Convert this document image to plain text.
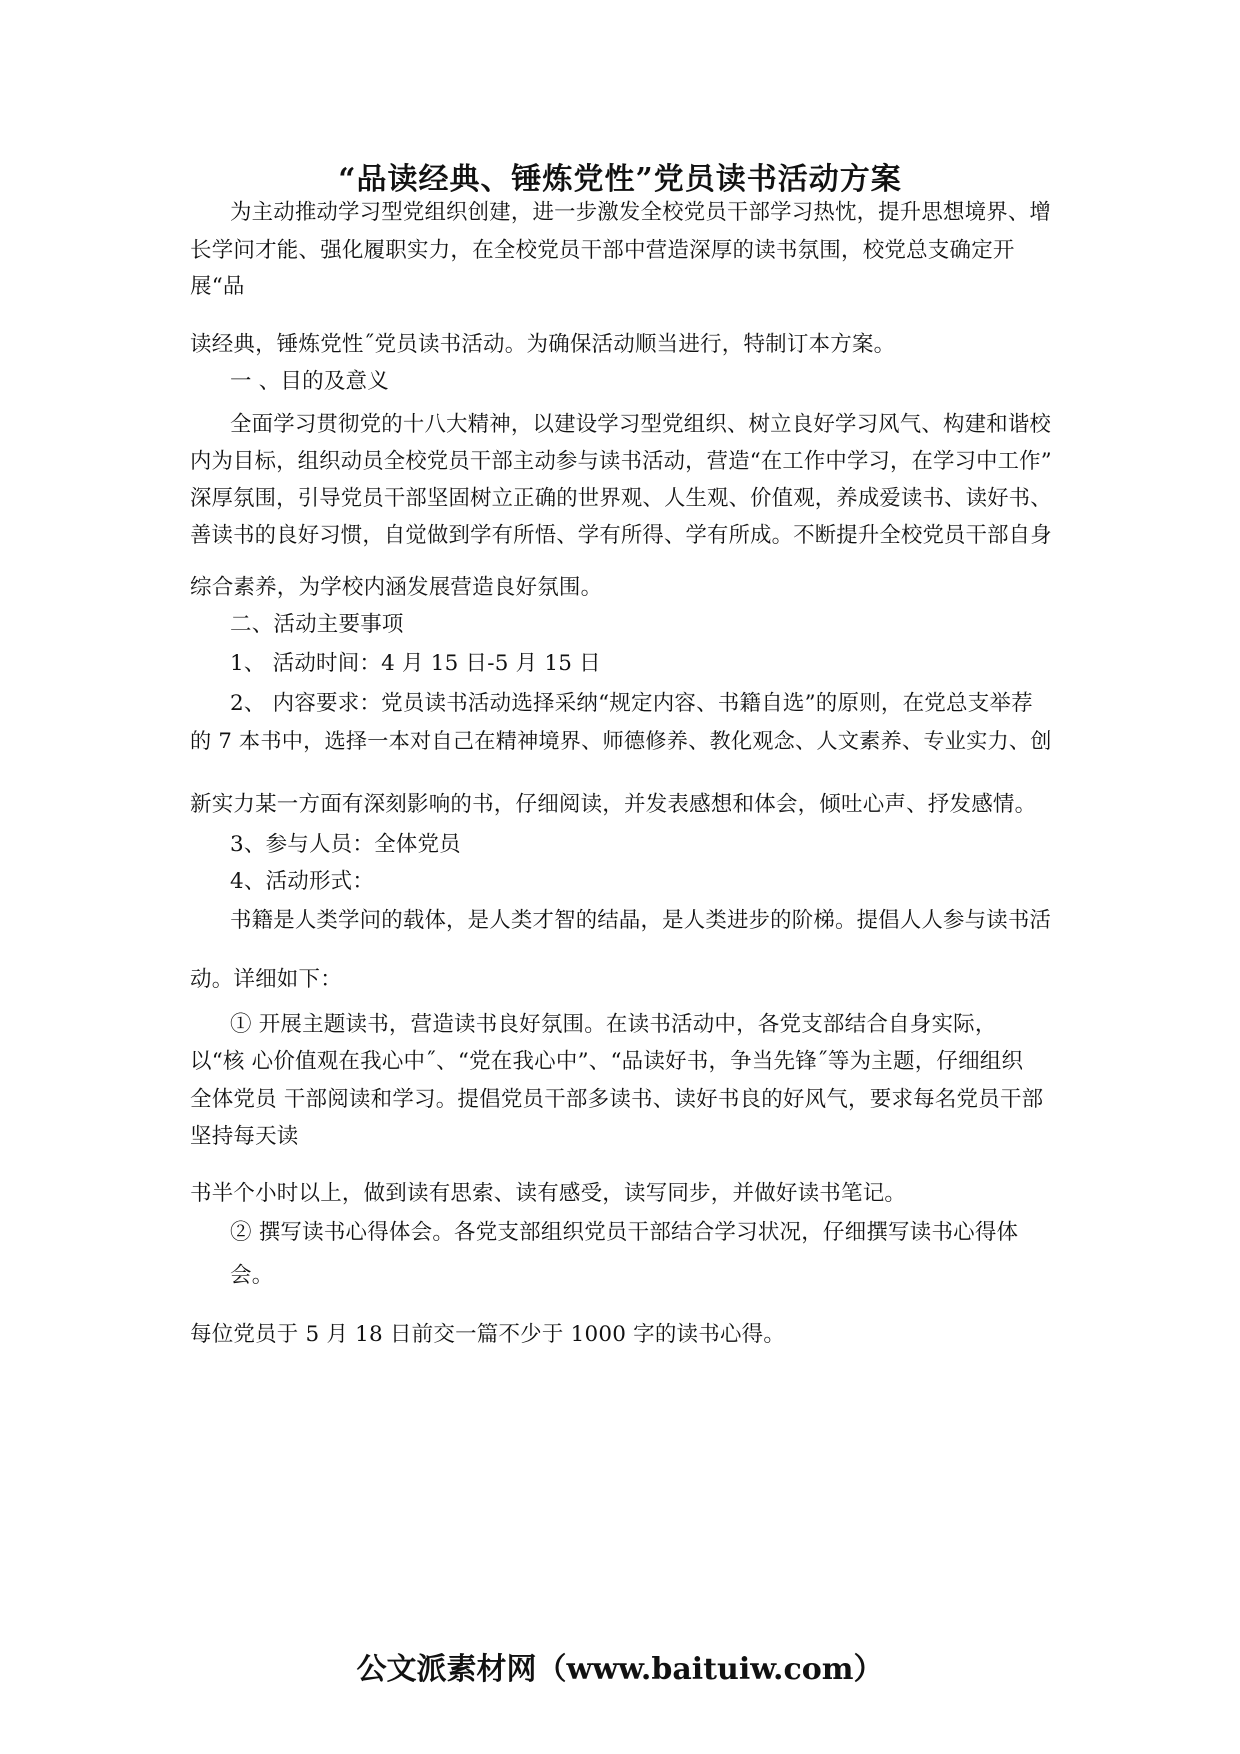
“品读经典、锤炼党性”党员读书活动方案
为主动推动学习型党组织创建，进一步激发全校党员干部学习热忱，提升思想境界、增
长学问才能、强化履职实力，在全校党员干部中营造深厚的读书氛围，校党总支确定开
展“品
读经典，锤炼党性˝党员读书活动。为确保活动顺当进行，特制订本方案。
一 、目的及意义
全面学习贯彻党的十八大精神，以建设学习型党组织、树立良好学习风气、构建和谐校
内为目标，组织动员全校党员干部主动参与读书活动，营造“在工作中学习，在学习中工作”
深厚氛围，引导党员干部坚固树立正确的世界观、人生观、价值观，养成爱读书、读好书、
善读书的良好习惯，自觉做到学有所悟、学有所得、学有所成。不断提升全校党员干部自身
综合素养，为学校内涵发展营造良好氛围。
二、活动主要事项
1、 活动时间：4 月 15 日-5 月 15 日
2、 内容要求：党员读书活动选择采纳“规定内容、书籍自选”的原则，在党总支举荐
的 7 本书中，选择一本对自己在精神境界、师德修养、教化观念、人文素养、专业实力、创
新实力某一方面有深刻影响的书，仔细阅读，并发表感想和体会，倾吐心声、抒发感情。
3、参与人员：全体党员
4、活动形式：
书籍是人类学问的载体，是人类才智的结晶，是人类进步的阶梯。提倡人人参与读书活
动。详细如下：
① 开展主题读书，营造读书良好氛围。在读书活动中，各党支部结合自身实际，
以“核 心价值观在我心中˝、“党在我心中”、“品读好书，争当先锋˝等为主题，仔细组织
全体党员 干部阅读和学习。提倡党员干部多读书、读好书良的好风气，要求每名党员干部
坚持每天读
书半个小时以上，做到读有思索、读有感受，读写同步，并做好读书笔记。
② 撰写读书心得体会。各党支部组织党员干部结合学习状况，仔细撰写读书心得体
会。
每位党员于 5 月 18 日前交一篇不少于 1000 字的读书心得。
公文派素材网（www.baituiw.com）
